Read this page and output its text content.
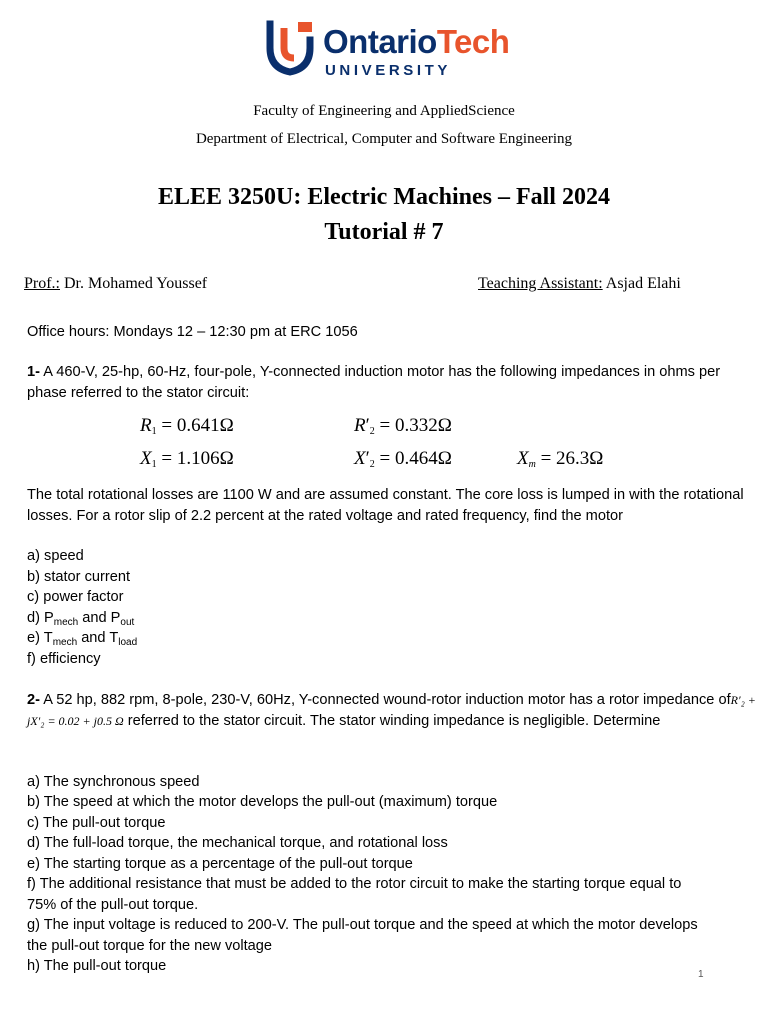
OntarioTech
UNIVERSITY
Faculty of Engineering and AppliedScience
Department of Electrical, Computer and Software Engineering
ELEE 3250U: Electric Machines – Fall 2024
Tutorial # 7
Prof.: Dr. Mohamed Youssef	Teaching Assistant: Asjad Elahi
Office hours: Mondays 12 – 12:30 pm at ERC 1056
1- A 460-V, 25-hp, 60-Hz, four-pole, Y-connected induction motor has the following impedances in ohms per phase referred to the stator circuit:
$R_1 = 0.641\Omega$	$R'_2 = 0.332\Omega$
$X_1 = 1.106\Omega$	$X'_2 = 0.464\Omega$	$X_m = 26.3\Omega$
The total rotational losses are 1100 W and are assumed constant. The core loss is lumped in with the rotational losses. For a rotor slip of 2.2 percent at the rated voltage and rated frequency, find the motor
a) speed
b) stator current
c) power factor
d) $P_{mech}$ and $P_{out}$
e) $T_{mech}$ and $T_{load}$
f) efficiency
2- A 52 hp, 882 rpm, 8-pole, 230-V, 60Hz, Y-connected wound-rotor induction motor has a rotor impedance ofR′₂ + jX′₂ = 0.02 + j0.5 Ω referred to the stator circuit. The stator winding impedance is negligible. Determine
a) The synchronous speed
b) The speed at which the motor develops the pull-out (maximum) torque
c) The pull-out torque
d) The full-load torque, the mechanical torque, and rotational loss
e) The starting torque as a percentage of the pull-out torque
f) The additional resistance that must be added to the rotor circuit to make the starting torque equal to
75% of the pull-out torque.
g) The input voltage is reduced to 200-V. The pull-out torque and the speed at which the motor develops
the pull-out torque for the new voltage
h) The pull-out torque
1
